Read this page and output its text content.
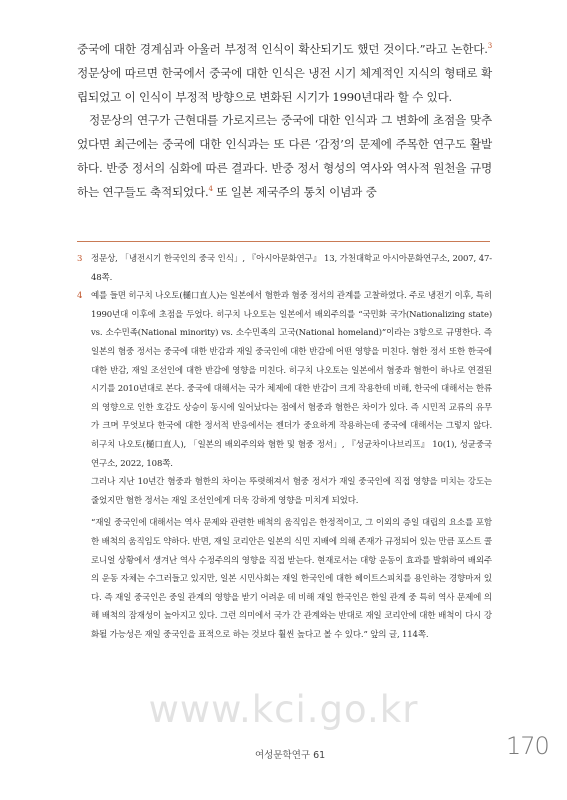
중국에 대한 경계심과 아울러 부정적 인식이 확산되기도 했던 것이다.”라고 논한다.$^3$ 정문상에 따르면 한국에서 중국에 대한 인식은 냉전 시기 체계적인 지식의 형태로 확립되었고 이 인식이 부정적 방향으로 변화된 시기가 1990년대라 할 수 있다.

정문상의 연구가 근현대를 가로지르는 중국에 대한 인식과 그 변화에 초점을 맞추었다면 최근에는 중국에 대한 인식과는 또 다른 ‘감정’의 문제에 주목한 연구도 활발하다. 반중 정서의 심화에 따른 결과다. 반중 정서 형성의 역사와 역사적 원천을 규명하는 연구들도 축적되었다.$^4$ 또 일본 제국주의 통치 이념과 중

3	정문상, 「냉전시기 한국인의 중국 인식」, 『아시아문화연구』 13, 가천대학교 아시아문화연구소, 2007, 47-48쪽.
4	예를 들면 히구치 나오토(樋口直人)는 일본에서 혐한과 혐중 정서의 관계를 고찰하였다. 주로 냉전기 이후, 특히 1990년대 이후에 초점을 두었다. 히구치 나오토는 일본에서 배외주의를 “국민화 국가(Nationalizing state) vs. 소수민족(National minority) vs. 소수민족의 고국(National homeland)”이라는 3항으로 규명한다. 즉 일본의 혐중 정서는 중국에 대한 반감과 재일 중국인에 대한 반감에 어떤 영향을 미친다. 혐한 정서 또한 한국에 대한 반감, 재일 조선인에 대한 반감에 영향을 미친다. 히구치 나오토는 일본에서 혐중과 혐한이 하나로 연결된 시기를 2010년대로 본다. 중국에 대해서는 국가 체제에 대한 반감이 크게 작용한데 비해, 한국에 대해서는 한류의 영향으로 인한 호감도 상승이 동시에 일어났다는 점에서 혐중과 혐한은 차이가 있다. 즉 시민적 교류의 유무가 크며 무엇보다 한국에 대한 정서적 반응에서는 젠더가 중요하게 작용하는데 중국에 대해서는 그렇지 않다. 히구치 나오토(樋口直人), 「일본의 배외주의와 혐한 및 혐중 정서」, 『성균차이나브리프』 10(1), 성균중국연구소, 2022, 108쪽.
그러나 지난 10년간 혐중과 혐한의 차이는 뚜렷해져서 혐중 정서가 재일 중국인에 직접 영향을 미치는 강도는 줄었지만 혐한 정서는 재일 조선인에게 더욱 강하게 영향을 미치게 되었다.
“재일 중국인에 대해서는 역사 문제와 관련한 배척의 움직임은 한정적이고, 그 이외의 증일 대립의 요소를 포함한 배척의 움직임도 약하다. 반면, 재일 코리안은 일본의 식민 지배에 의해 존재가 규정되어 있는 만큼 포스트 콜로니얼 상황에서 생겨난 역사 수정주의의 영향을 직접 받는다. 현재로서는 대항 운동이 효과를 발휘하여 배외주의 운동 자체는 수그러들고 있지만, 일본 시민사회는 재일 한국인에 대한 헤이트스피치를 용인하는 경향마저 있다. 즉 재일 중국인은 중일 관계의 영향을 받기 어려운 데 비해 재일 한국인은 한일 관계 중 특히 역사 문제에 의해 배척의 잠재성이 높아지고 있다. 그런 의미에서 국가 간 관계와는 반대로 재일 코리안에 대한 배척이 다시 강화될 가능성은 재일 중국인을 표적으로 하는 것보다 훨씬 높다고 볼 수 있다.” 앞의 글, 114쪽.
www.kci.go.kr
여성문학연구 61	170
